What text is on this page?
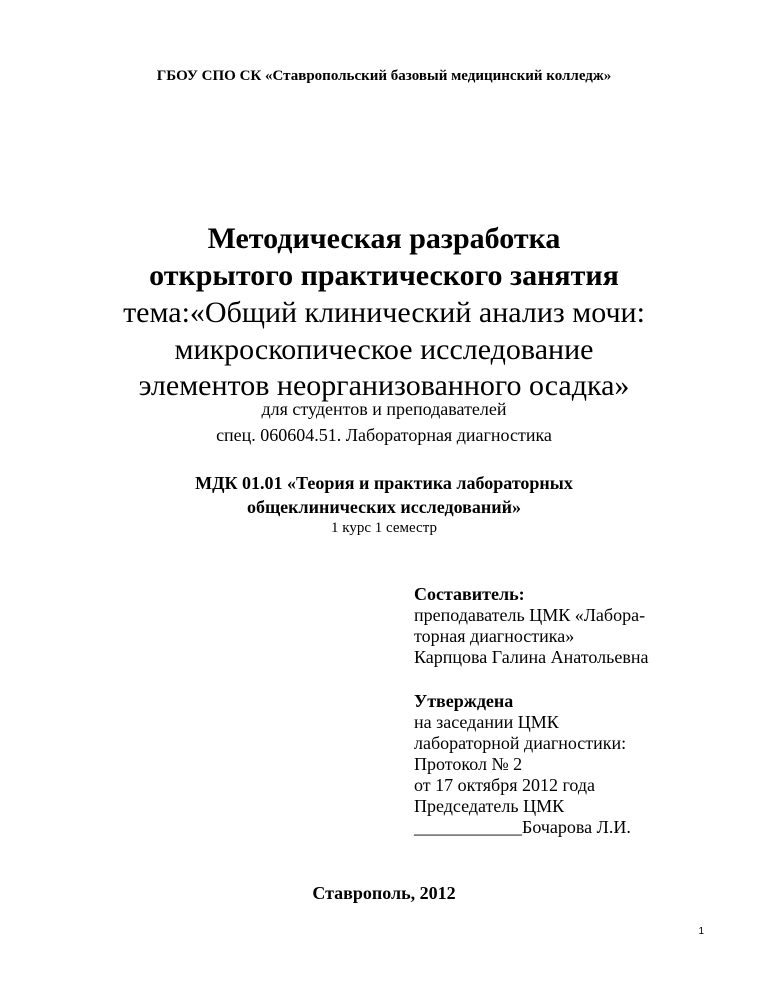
ГБОУ СПО СК «Ставропольский базовый медицинский колледж»
Методическая разработка
открытого практического занятия
тема:«Общий клинический анализ мочи:
микроскопическое исследование
элементов неорганизованного осадка»
для студентов и преподавателей
спец. 060604.51. Лабораторная диагностика
МДК 01.01 «Теория и практика лабораторных
общеклинических исследований»
1 курс 1 семестр
Составитель:
преподаватель ЦМК «Лабора-
торная диагностика»
Карпцова Галина Анатольевна
Утверждена
на заседании ЦМК
лабораторной диагностики:
Протокол № 2
от 17 октября 2012 года
Председатель ЦМК
____________Бочарова Л.И.
Ставрополь, 2012
1
